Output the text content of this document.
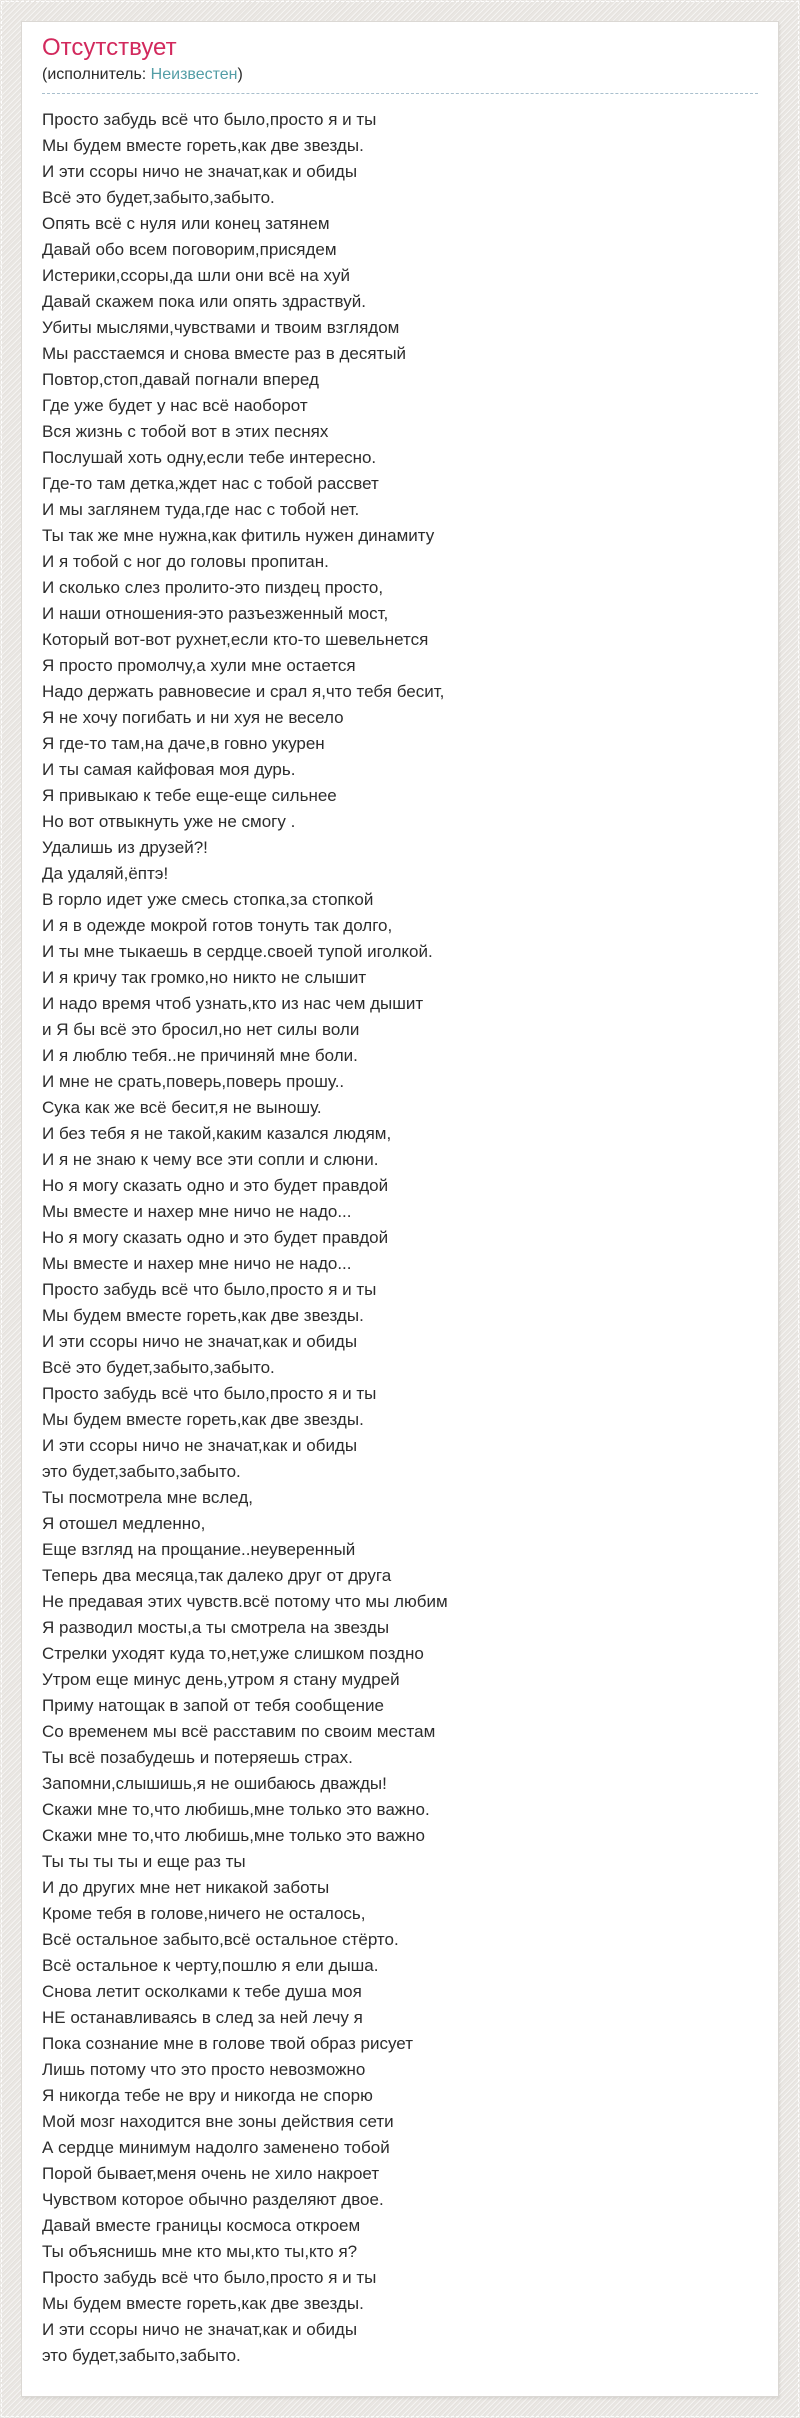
Отсутствует

(исполнитель: Неизвестен)

Просто забудь всё что было,просто я и ты
Мы будем вместе гореть,как две звезды.
И эти ссоры ничо не значат,как и обиды
Всё это будет,забыто,забыто.
Опять всё с нуля или конец затянем
Давай обо всем поговорим,присядем
Истерики,ссоры,да шли они всё на хуй
Давай скажем пока или опять здраствуй.
Убиты мыслями,чувствами и твоим взглядом
Мы расстаемся и снова вместе раз в десятый
Повтор,стоп,давай погнали вперед
Где уже будет у нас всё наоборот
Вся жизнь с тобой вот в этих песнях
Послушай хоть одну,если тебе интересно.
Где-то там детка,ждет нас с тобой рассвет
И мы заглянем туда,где нас с тобой нет.
Ты так же мне нужна,как фитиль нужен динамиту
И я тобой с ног до головы пропитан.
И сколько слез пролито-это пиздец просто,
И наши отношения-это разъезженный мост,
Который вот-вот рухнет,если кто-то шевельнется
Я просто промолчу,а хули мне остается
Надо держать равновесие и срал я,что тебя бесит,
Я не хочу погибать и ни хуя не весело
Я где-то там,на даче,в говно укурен
И ты самая кайфовая моя дурь.
Я привыкаю к тебе еще-еще сильнее
Но вот отвыкнуть уже не смогу .
Удалишь из друзей?!
Да удаляй,ёптэ!
В горло идет уже смесь стопка,за стопкой
И я в одежде мокрой готов тонуть так долго,
И ты мне тыкаешь в сердце.своей тупой иголкой.
И я кричу так громко,но никто не слышит
И надо время чтоб узнать,кто из нас чем дышит
и Я бы всё это бросил,но нет силы воли
И я люблю тебя..не причиняй мне боли.
И мне не срать,поверь,поверь прошу..
Сука как же всё бесит,я не выношу.
И без тебя я не такой,каким казался людям,
И я не знаю к чему все эти сопли и слюни.
Но я могу сказать одно и это будет правдой
Мы вместе и нахер мне ничо не надо...
Но я могу сказать одно и это будет правдой
Мы вместе и нахер мне ничо не надо...
Просто забудь всё что было,просто я и ты
Мы будем вместе гореть,как две звезды.
И эти ссоры ничо не значат,как и обиды
Всё это будет,забыто,забыто.
Просто забудь всё что было,просто я и ты
Мы будем вместе гореть,как две звезды.
И эти ссоры ничо не значат,как и обиды
это будет,забыто,забыто.
Ты посмотрела мне вслед,
Я отошел медленно,
Еще взгляд на прощание..неуверенный
Теперь два месяца,так далеко друг от друга
Не предавая этих чувств.всё потому что мы любим
Я разводил мосты,а ты смотрела на звезды
Стрелки уходят куда то,нет,уже слишком поздно
Утром еще минус день,утром я стану мудрей
Приму натощак в запой от тебя сообщение
Со временем мы всё расставим по своим местам
Ты всё позабудешь и потеряешь страх.
Запомни,слышишь,я не ошибаюсь дважды!
Скажи мне то,что любишь,мне только это важно.
Скажи мне то,что любишь,мне только это важно
Ты ты ты ты и еще раз ты
И до других мне нет никакой заботы
Кроме тебя в голове,ничего не осталось,
Всё остальное забыто,всё остальное стёрто.
Всё остальное к черту,пошлю я ели дыша.
Снова летит осколками к тебе душа моя
НЕ останавливаясь в след за ней лечу я
Пока сознание мне в голове твой образ рисует
Лишь потому что это просто невозможно
Я никогда тебе не вру и никогда не спорю
Мой мозг находится вне зоны действия сети
А сердце минимум надолго заменено тобой
Порой бывает,меня очень не хило накроет
Чувством которое обычно разделяют двое.
Давай вместе границы космоса откроем
Ты объяснишь мне кто мы,кто ты,кто я?
Просто забудь всё что было,просто я и ты
Мы будем вместе гореть,как две звезды.
И эти ссоры ничо не значат,как и обиды
это будет,забыто,забыто.
